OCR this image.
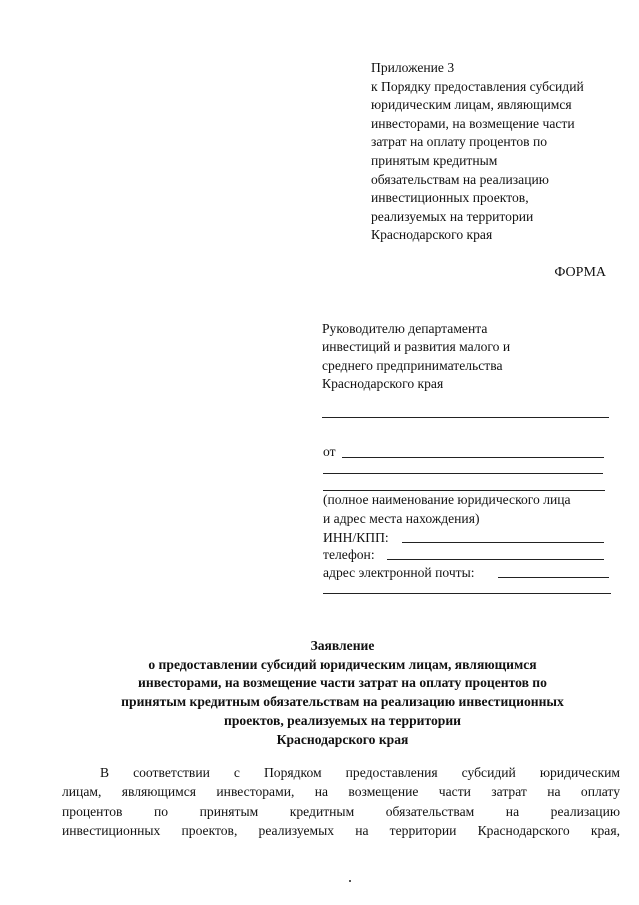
Приложение 3
к Порядку предоставления субсидий
юридическим лицам, являющимся
инвесторами, на возмещение части
затрат на оплату процентов по
принятым кредитным
обязательствам на реализацию
инвестиционных проектов,
реализуемых на территории
Краснодарского края
ФОРМА
Руководителю департамента
инвестиций и развития малого и
среднего предпринимательства
Краснодарского края
от
(полное наименование юридического лица
и адрес места нахождения)
ИНН/КПП:
телефон:
адрес электронной почты:
Заявление
о предоставлении субсидий юридическим лицам, являющимся
инвесторами, на возмещение части затрат на оплату процентов по
принятым кредитным обязательствам на реализацию инвестиционных
проектов, реализуемых на территории
Краснодарского края
В соответствии с Порядком предоставления субсидий юридическим
лицам, являющимся инвесторами, на возмещение части затрат на оплату
процентов по принятым кредитным обязательствам на реализацию
инвестиционных проектов, реализуемых на территории Краснодарского края,
